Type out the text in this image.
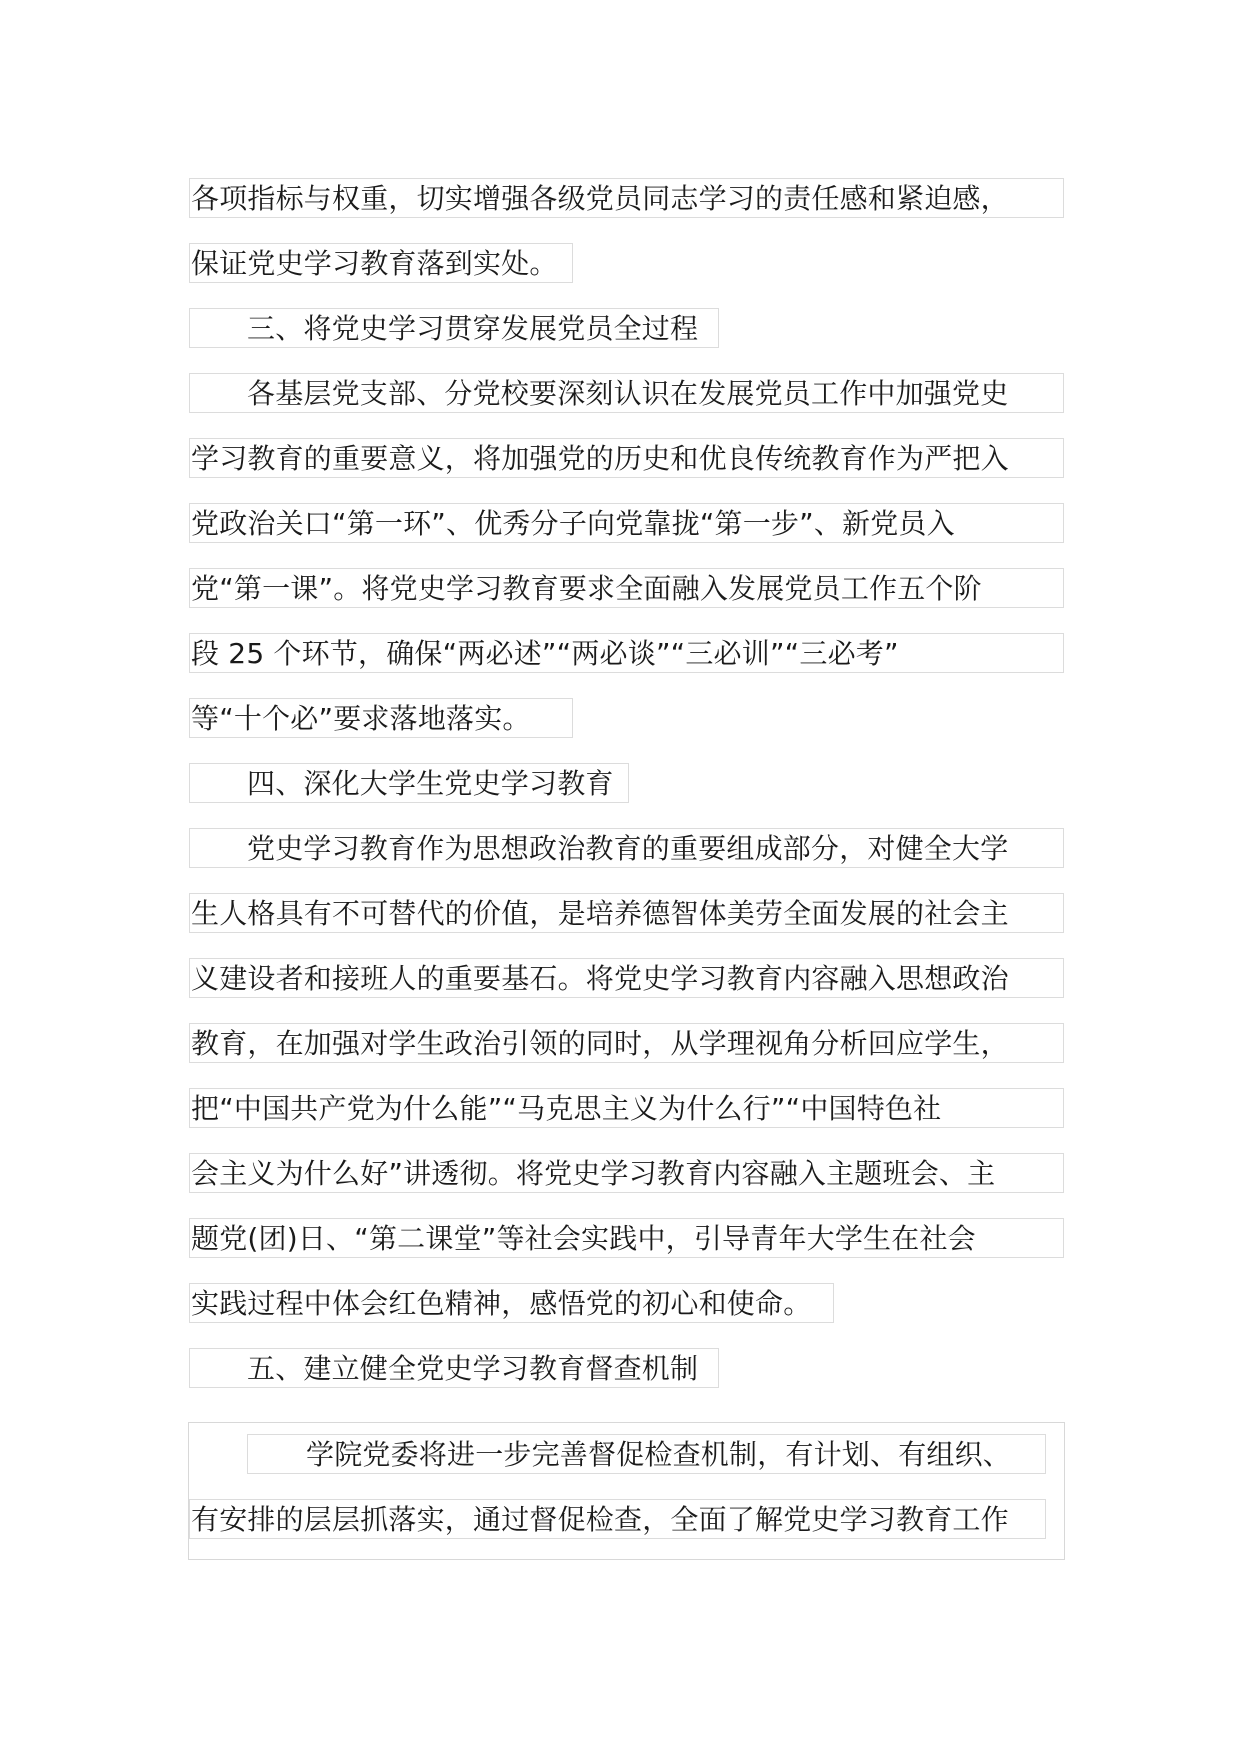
各项指标与权重，切实增强各级党员同志学习的责任感和紧迫感，
保证党史学习教育落到实处。
三、将党史学习贯穿发展党员全过程
各基层党支部、分党校要深刻认识在发展党员工作中加强党史
学习教育的重要意义，将加强党的历史和优良传统教育作为严把入
党政治关口“第一环”、优秀分子向党靠拢“第一步”、新党员入
党“第一课”。将党史学习教育要求全面融入发展党员工作五个阶
段 25 个环节，确保“两必述”“两必谈”“三必训”“三必考”
等“十个必”要求落地落实。
四、深化大学生党史学习教育
党史学习教育作为思想政治教育的重要组成部分，对健全大学
生人格具有不可替代的价值，是培养德智体美劳全面发展的社会主
义建设者和接班人的重要基石。将党史学习教育内容融入思想政治
教育，在加强对学生政治引领的同时，从学理视角分析回应学生，
把“中国共产党为什么能”“马克思主义为什么行”“中国特色社
会主义为什么好”讲透彻。将党史学习教育内容融入主题班会、主
题党(团)日、“第二课堂”等社会实践中，引导青年大学生在社会
实践过程中体会红色精神，感悟党的初心和使命。
五、建立健全党史学习教育督查机制
学院党委将进一步完善督促检查机制，有计划、有组织、
有安排的层层抓落实，通过督促检查，全面了解党史学习教育工作
